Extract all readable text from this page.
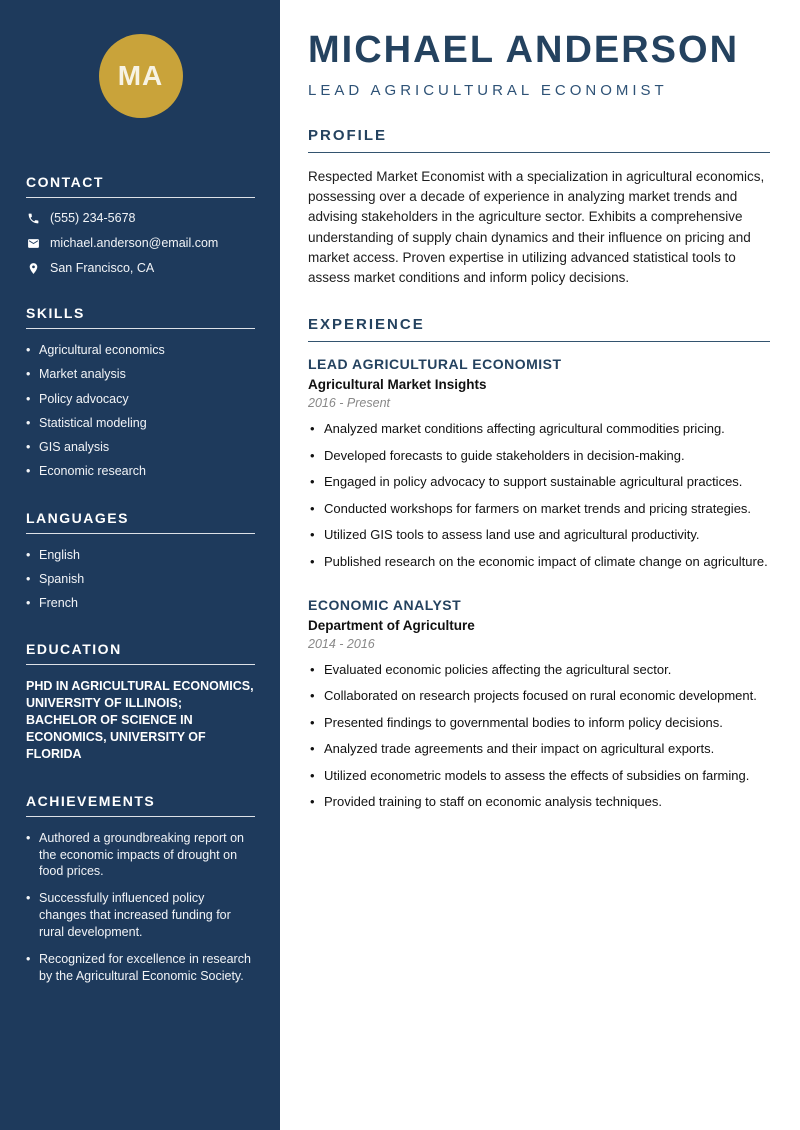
MA
CONTACT
(555) 234-5678
michael.anderson@email.com
San Francisco, CA
SKILLS
• Agricultural economics
• Market analysis
• Policy advocacy
• Statistical modeling
• GIS analysis
• Economic research
LANGUAGES
• English
• Spanish
• French
EDUCATION
PHD IN AGRICULTURAL ECONOMICS, UNIVERSITY OF ILLINOIS; BACHELOR OF SCIENCE IN ECONOMICS, UNIVERSITY OF FLORIDA
ACHIEVEMENTS
• Authored a groundbreaking report on the economic impacts of drought on food prices.
• Successfully influenced policy changes that increased funding for rural development.
• Recognized for excellence in research by the Agricultural Economic Society.
MICHAEL ANDERSON
LEAD AGRICULTURAL ECONOMIST
PROFILE

Respected Market Economist with a specialization in agricultural economics, possessing over a decade of experience in analyzing market trends and advising stakeholders in the agriculture sector. Exhibits a comprehensive understanding of supply chain dynamics and their influence on pricing and market access. Proven expertise in utilizing advanced statistical tools to assess market conditions and inform policy decisions.

EXPERIENCE
LEAD AGRICULTURAL ECONOMIST
Agricultural Market Insights
2016 - Present
• Analyzed market conditions affecting agricultural commodities pricing.
• Developed forecasts to guide stakeholders in decision-making.
• Engaged in policy advocacy to support sustainable agricultural practices.
• Conducted workshops for farmers on market trends and pricing strategies.
• Utilized GIS tools to assess land use and agricultural productivity.
• Published research on the economic impact of climate change on agriculture.
ECONOMIC ANALYST
Department of Agriculture
2014 - 2016
• Evaluated economic policies affecting the agricultural sector.
• Collaborated on research projects focused on rural economic development.
• Presented findings to governmental bodies to inform policy decisions.
• Analyzed trade agreements and their impact on agricultural exports.
• Utilized econometric models to assess the effects of subsidies on farming.
• Provided training to staff on economic analysis techniques.
